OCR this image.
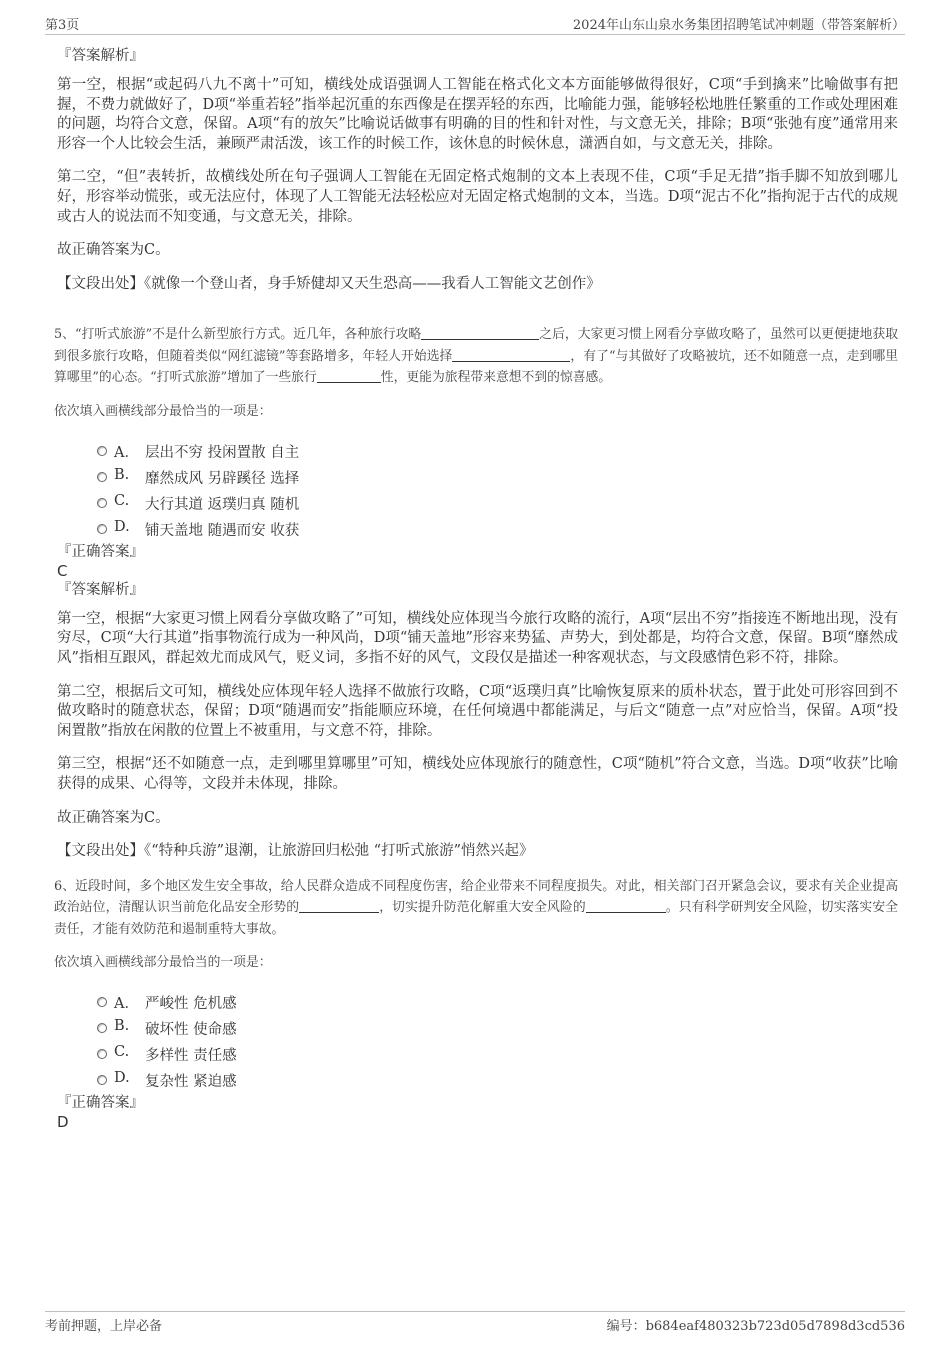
第3页	2024年山东山泉水务集团招聘笔试冲刺题（带答案解析）

『答案解析』

第一空，根据“或起码八九不离十”可知，横线处成语强调人工智能在格式化文本方面能够做得很好，C项“手到擒来”比喻做事有把握，不费力就做好了，D项“举重若轻”指举起沉重的东西像是在摆弄轻的东西，比喻能力强，能够轻松地胜任繁重的工作或处理困难的问题，均符合文意，保留。A项“有的放矢”比喻说话做事有明确的目的性和针对性，与文意无关，排除；B项“张弛有度”通常用来形容一个人比较会生活，兼顾严肃活泼，该工作的时候工作，该休息的时候休息，潇洒自如，与文意无关，排除。

第二空，“但”表转折，故横线处所在句子强调人工智能在无固定格式炮制的文本上表现不佳，C项“手足无措”指手脚不知放到哪儿好，形容举动慌张，或无法应付，体现了人工智能无法轻松应对无固定格式炮制的文本，当选。D项“泥古不化”指拘泥于古代的成规或古人的说法而不知变通，与文意无关，排除。

故正确答案为C。

【文段出处】《就像一个登山者，身手矫健却又天生恐高——我看人工智能文艺创作》

5、“打听式旅游”不是什么新型旅行方式。近几年，各种旅行攻略	之后，大家更习惯上网看分享做攻略了，虽然可以更便捷地获取到很多旅行攻略，但随着类似“网红滤镜”等套路增多，年轻人开始选择	，有了“与其做好了攻略被坑，还不如随意一点，走到哪里算哪里”的心态。“打听式旅游”增加了一些旅行	性，更能为旅程带来意想不到的惊喜感。

依次填入画横线部分最恰当的一项是：

A． 层出不穷 投闲置散 自主
B. 靡然成风 另辟蹊径 选择
C. 大行其道 返璞归真 随机
D. 铺天盖地 随遇而安 收获

『正确答案』

C

『答案解析』

第一空，根据“大家更习惯上网看分享做攻略了”可知，横线处应体现当今旅行攻略的流行，A项“层出不穷”指接连不断地出现，没有穷尽，C项“大行其道”指事物流行成为一种风尚，D项“铺天盖地”形容来势猛、声势大，到处都是，均符合文意，保留。B项“靡然成风”指相互跟风，群起效尤而成风气，贬义词，多指不好的风气，文段仅是描述一种客观状态，与文段感情色彩不符，排除。

第二空，根据后文可知，横线处应体现年轻人选择不做旅行攻略，C项“返璞归真”比喻恢复原来的质朴状态，置于此处可形容回到不做攻略时的随意状态，保留；D项“随遇而安”指能顺应环境，在任何境遇中都能满足，与后文“随意一点”对应恰当，保留。A项“投闲置散”指放在闲散的位置上不被重用，与文意不符，排除。

第三空，根据“还不如随意一点，走到哪里算哪里”可知，横线处应体现旅行的随意性，C项“随机”符合文意，当选。D项“收获”比喻获得的成果、心得等，文段并未体现，排除。

故正确答案为C。

【文段出处】《“特种兵游”退潮，让旅游回归松弛 “打听式旅游”悄然兴起》

6、近段时间，多个地区发生安全事故，给人民群众造成不同程度伤害，给企业带来不同程度损失。对此，相关部门召开紧急会议，要求有关企业提高政治站位，清醒认识当前危化品安全形势的	，切实提升防范化解重大安全风险的	。只有科学研判安全风险，切实落实安全责任，才能有效防范和遏制重特大事故。

依次填入画横线部分最恰当的一项是：

A． 严峻性 危机感
B. 破坏性 使命感
C. 多样性 责任感
D. 复杂性 紧迫感

『正确答案』

D

考前押题，上岸必备	编号：b684eaf480323b723d05d7898d3cd536
